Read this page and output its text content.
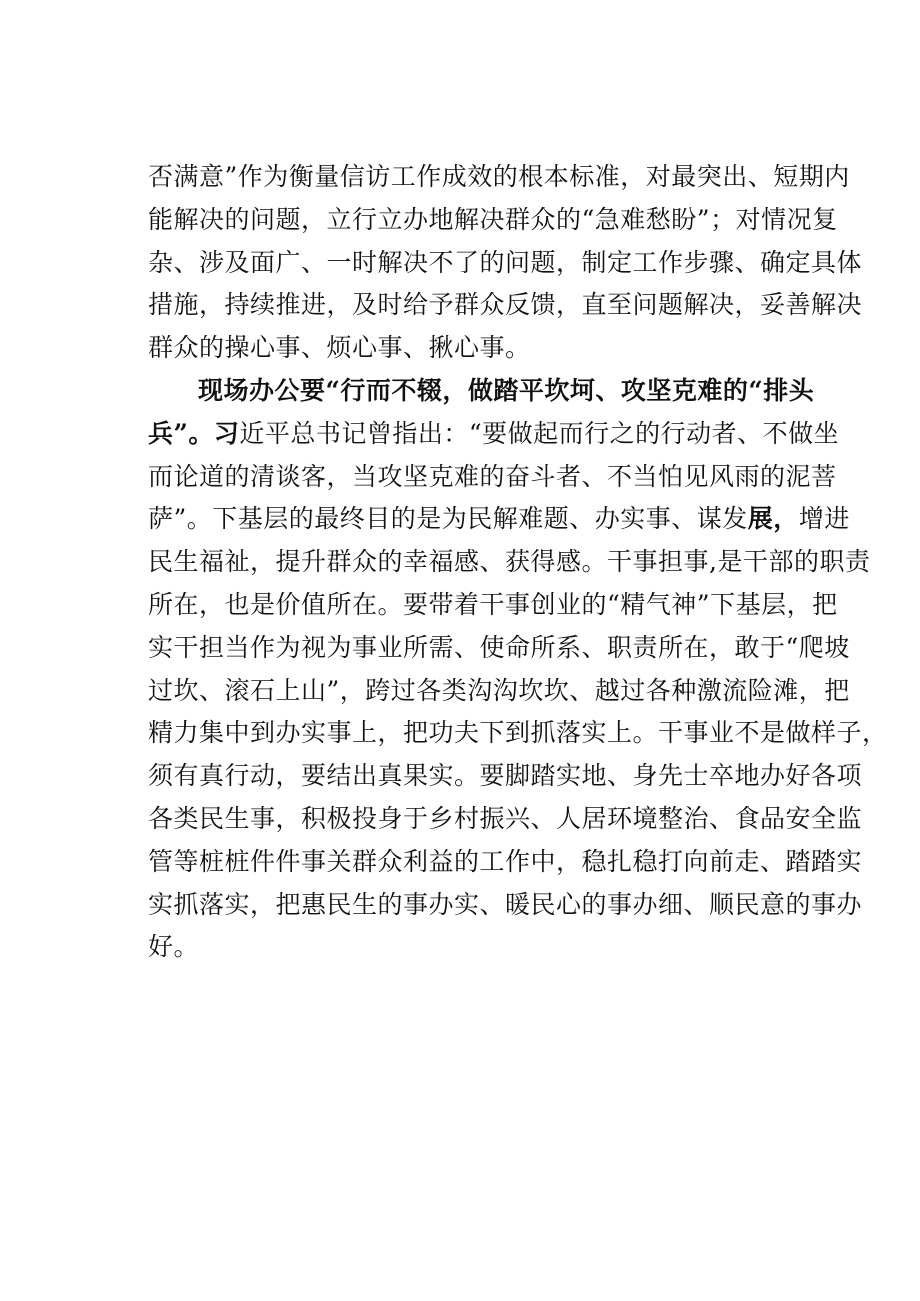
否满意”作为衡量信访工作成效的根本标准，对最突出、短期内
能解决的问题，立行立办地解决群众的“急难愁盼”；对情况复
杂、涉及面广、一时解决不了的问题，制定工作步骤、确定具体
措施，持续推进，及时给予群众反馈，直至问题解决，妥善解决
群众的操心事、烦心事、揪心事。
现场办公要“行而不辍，做踏平坎坷、攻坚克难的“排头
兵”。习近平总书记曾指出：“要做起而行之的行动者、不做坐
而论道的清谈客，当攻坚克难的奋斗者、不当怕见风雨的泥菩
萨”。下基层的最终目的是为民解难题、办实事、谋发展，增进
民生福祉，提升群众的幸福感、获得感。干事担事,是干部的职责
所在，也是价值所在。要带着干事创业的“精气神”下基层，把
实干担当作为视为事业所需、使命所系、职责所在，敢于“爬坡
过坎、滚石上山”，跨过各类沟沟坎坎、越过各种激流险滩，把
精力集中到办实事上，把功夫下到抓落实上。干事业不是做样子，
须有真行动，要结出真果实。要脚踏实地、身先士卒地办好各项
各类民生事，积极投身于乡村振兴、人居环境整治、食品安全监
管等桩桩件件事关群众利益的工作中，稳扎稳打向前走、踏踏实
实抓落实，把惠民生的事办实、暖民心的事办细、顺民意的事办
好。
